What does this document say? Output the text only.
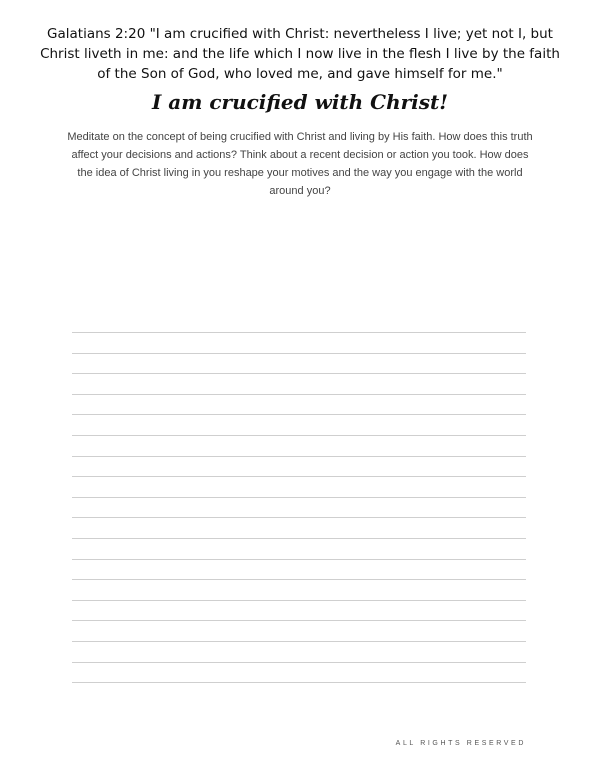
Galatians 2:20 "I am crucified with Christ: nevertheless I live; yet not I, but Christ liveth in me: and the life which I now live in the flesh I live by the faith of the Son of God, who loved me, and gave himself for me."
I am crucified with Christ!
Meditate on the concept of being crucified with Christ and living by His faith. How does this truth affect your decisions and actions? Think about a recent decision or action you took. How does the idea of Christ living in you reshape your motives and the way you engage with the world around you?
ALL RIGHTS RESERVED
